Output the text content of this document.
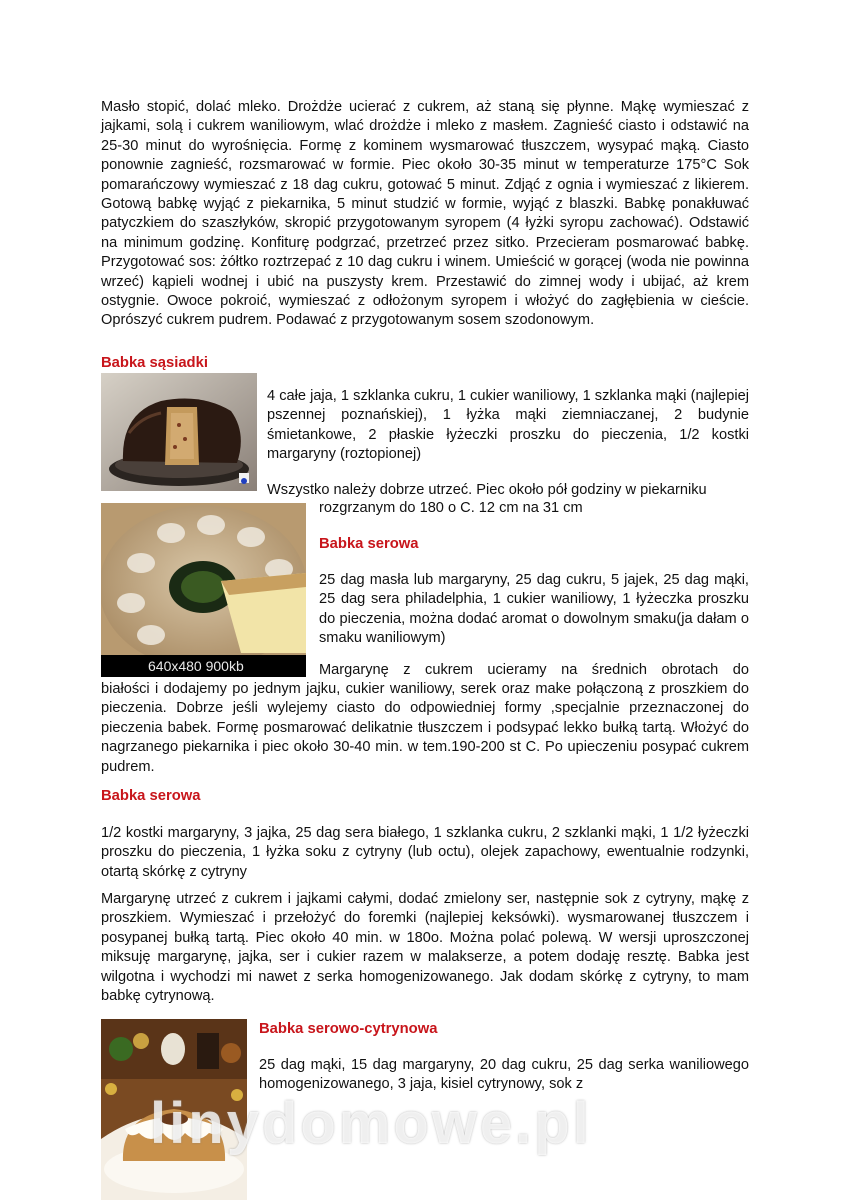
Masło stopić, dolać mleko. Drożdże ucierać z cukrem, aż staną się płynne. Mąkę wymieszać z jajkami, solą i cukrem waniliowym, wlać drożdże i mleko z masłem. Zagnieść ciasto i odstawić na 25-30 minut do wyrośnięcia. Formę z kominem wysmarować tłuszczem, wysypać mąką. Ciasto ponownie zagnieść, rozsmarować w formie. Piec około 30-35 minut w temperaturze 175°C Sok pomarańczowy wymieszać z 18 dag cukru, gotować 5 minut. Zdjąć z ognia i wymieszać z likierem. Gotową babkę wyjąć z piekarnika, 5 minut studzić w formie, wyjąć z blaszki. Babkę ponakłuwać patyczkiem do szaszłyków, skropić przygotowanym syropem (4 łyżki syropu zachować). Odstawić na minimum godzinę. Konfiturę podgrzać, przetrzeć przez sitko. Przecieram posmarować babkę. Przygotować sos: żółtko roztrzepać z 10 dag cukru i winem. Umieścić w gorącej (woda nie powinna wrzeć) kąpieli wodnej i ubić na puszysty krem. Przestawić do zimnej wody i ubijać, aż krem ostygnie. Owoce pokroić, wymieszać z odłożonym syropem i włożyć do zagłębienia w cieście. Oprószyć cukrem pudrem. Podawać z przygotowanym sosem szodonowym.

Babka sąsiadki

4 całe jaja, 1 szklanka cukru, 1 cukier waniliowy, 1 szklanka mąki (najlepiej pszennej poznańskiej), 1 łyżka mąki ziemniaczanej, 2 budynie śmietankowe, 2 płaskie łyżeczki proszku do pieczenia, 1/2 kostki margaryny (roztopionej)

Wszystko należy dobrze utrzeć. Piec około pół godziny w piekarniku

rozgrzanym do 180 o C. 12 cm na 31 cm

640x480 900kb

Babka serowa

25 dag masła lub margaryny, 25 dag cukru, 5 jajek, 25 dag mąki, 25 dag sera philadelphia, 1 cukier waniliowy, 1 łyżeczka proszku do pieczenia, można dodać aromat o dowolnym smaku(ja dałam o smaku waniliowym)

Margarynę z cukrem ucieramy na średnich obrotach do

białości i dodajemy po jednym jajku, cukier waniliowy, serek oraz make połączoną z proszkiem do pieczenia. Dobrze jeśli wylejemy ciasto do odpowiedniej formy ,specjalnie przeznaczonej do pieczenia babek. Formę posmarować delikatnie tłuszczem i podsypać lekko bułką tartą. Włożyć do nagrzanego piekarnika i piec około 30-40 min. w tem.190-200 st C. Po upieczeniu posypać cukrem pudrem.

Babka serowa

1/2 kostki margaryny, 3 jajka, 25 dag sera białego, 1 szklanka cukru, 2 szklanki mąki, 1 1/2 łyżeczki proszku do pieczenia, 1 łyżka soku z cytryny (lub octu), olejek zapachowy, ewentualnie rodzynki, otartą skórkę z cytryny

Margarynę utrzeć z cukrem i jajkami całymi, dodać zmielony ser, następnie sok z cytryny, mąkę z proszkiem. Wymieszać i przełożyć do foremki (najlepiej keksówki). wysmarowanej tłuszczem i posypanej bułką tartą. Piec około 40 min. w 180o. Można polać polewą. W wersji uproszczonej miksuję margarynę, jajka, ser i cukier razem w malakserze, a potem dodaję resztę. Babka jest wilgotna i wychodzi mi nawet z serka homogenizowanego. Jak dodam skórkę z cytryny, to mam babkę cytrynową.

Babka serowo-cytrynowa

25 dag mąki, 15 dag margaryny, 20 dag cukru, 25 dag serka waniliowego homogenizowanego, 3 jaja, kisiel cytrynowy, sok z

linydomowe.pl
